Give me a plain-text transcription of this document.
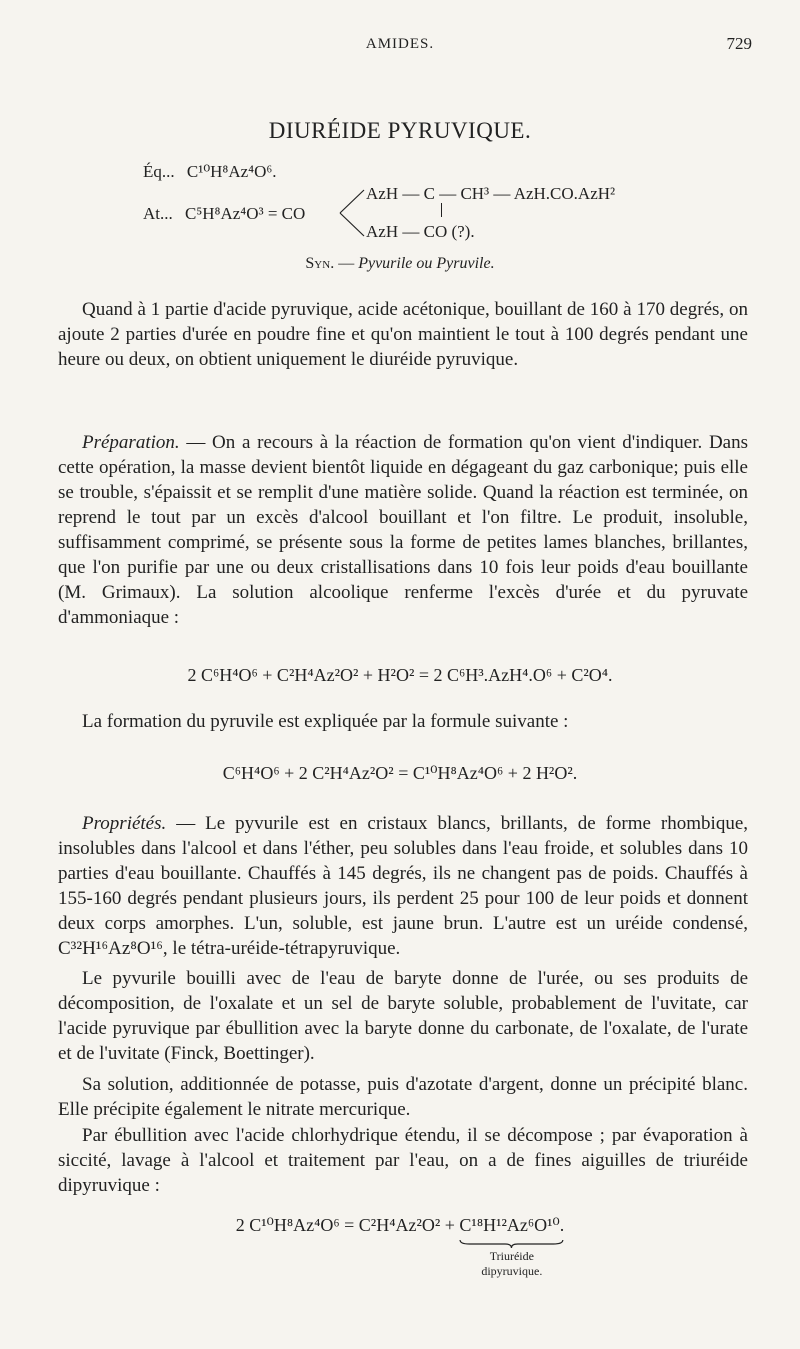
AMIDES.	729
DIURÉIDE PYRUVIQUE.
Éq... C¹⁰H⁸Az⁴O⁶.
At... C⁵H⁸Az⁴O³ = CO
AzH — C — CH³ — AzH.CO.AzH²
AzH — CO (?).
Syn. — Pyvurile ou Pyruvile.

Quand à 1 partie d'acide pyruvique, acide acétonique, bouillant de 160 à 170 degrés, on ajoute 2 parties d'urée en poudre fine et qu'on maintient le tout à 100 degrés pendant une heure ou deux, on obtient uniquement le diuréide pyruvique.

Préparation. — On a recours à la réaction de formation qu'on vient d'indiquer. Dans cette opération, la masse devient bientôt liquide en dégageant du gaz carbonique; puis elle se trouble, s'épaissit et se remplit d'une matière solide. Quand la réaction est terminée, on reprend le tout par un excès d'alcool bouillant et l'on filtre. Le produit, insoluble, suffisamment comprimé, se présente sous la forme de petites lames blanches, brillantes, que l'on purifie par une ou deux cristallisations dans 10 fois leur poids d'eau bouillante (M. Grimaux). La solution alcoolique renferme l'excès d'urée et du pyruvate d'ammoniaque :

2 C⁶H⁴O⁶ + C²H⁴Az²O² + H²O² = 2 C⁶H³.AzH⁴.O⁶ + C²O⁴.

La formation du pyruvile est expliquée par la formule suivante :

C⁶H⁴O⁶ + 2 C²H⁴Az²O² = C¹⁰H⁸Az⁴O⁶ + 2 H²O².

Propriétés. — Le pyvurile est en cristaux blancs, brillants, de forme rhombique, insolubles dans l'alcool et dans l'éther, peu solubles dans l'eau froide, et solubles dans 10 parties d'eau bouillante. Chauffés à 145 degrés, ils ne changent pas de poids. Chauffés à 155-160 degrés pendant plusieurs jours, ils perdent 25 pour 100 de leur poids et donnent deux corps amorphes. L'un, soluble, est jaune brun. L'autre est un uréide condensé, C³²H¹⁶Az⁸O¹⁶, le tétra-uréide-tétrapyruvique.

Le pyvurile bouilli avec de l'eau de baryte donne de l'urée, ou ses produits de décomposition, de l'oxalate et un sel de baryte soluble, probablement de l'uvitate, car l'acide pyruvique par ébullition avec la baryte donne du carbonate, de l'oxalate, de l'urate et de l'uvitate (Finck, Boettinger).

Sa solution, additionnée de potasse, puis d'azotate d'argent, donne un précipité blanc. Elle précipite également le nitrate mercurique.

Par ébullition avec l'acide chlorhydrique étendu, il se décompose ; par évaporation à siccité, lavage à l'alcool et traitement par l'eau, on a de fines aiguilles de triuréide dipyruvique :

2 C¹⁰H⁸Az⁴O⁶ = C²H⁴Az²O² + C¹⁸H¹²Az⁶O¹⁰.
Triuréide
dipyruvique.
